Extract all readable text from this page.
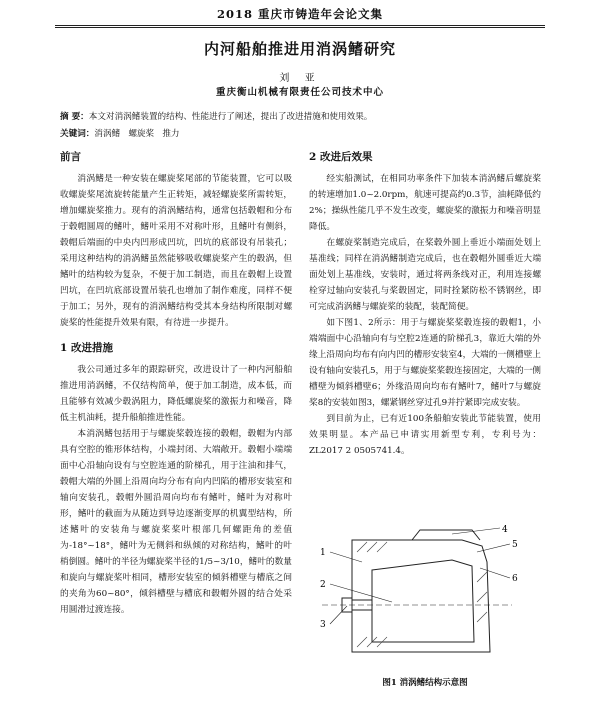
2018 重庆市铸造年会论文集
内河船舶推进用消涡鳍研究
刘 亚
重庆衡山机械有限责任公司技术中心
摘 要：本文对消涡鳍装置的结构、性能进行了阐述，提出了改进措施和使用效果。
关键词：消涡鳍   螺旋桨   推力
前言

消涡鳍是一种安装在螺旋桨尾部的节能装置，它可以吸收螺旋桨尾流旋转能量产生正转矩，减轻螺旋桨所需转矩，增加螺旋桨推力。现有的消涡鳍结构，通常包括毂帽和分布于毂帽圆周的鳍叶，鳍叶采用不对称叶形，且鳍叶有侧斜，毂帽后端面的中央内凹形成凹坑，凹坑的底部设有吊装孔；采用这种结构的消涡鳍虽然能够吸收螺旋桨产生的毂涡，但鳍叶的结构较为复杂，不便于加工制造，而且在毂帽上设置凹坑，在凹坑底部设置吊装孔也增加了制作难度，同样不便于加工；另外，现有的消涡鳍结构受其本身结构所限制对螺旋桨的性能提升效果有限，有待进一步提升。

1 改进措施

我公司通过多年的跟踪研究，改进设计了一种内河船舶推进用消涡鳍，不仅结构简单，便于加工制造，成本低，而且能够有效减少毂涡阻力，降低螺旋桨的激振力和噪音，降低主机油耗，提升船舶推进性能。

本消涡鳍包括用于与螺旋桨毂连接的毂帽，毂帽为内部具有空腔的锥形体结构，小端封闭、大端敞开。毂帽小端端面中心沿轴向设有与空腔连通的阶梯孔，用于注油和排气，毂帽大端的外圆上沿周向均分布有向内凹陷的槽形安装室和轴向安装孔，毂帽外圆沿周向均布有鳍叶，鳍叶为对称叶形，鳍叶的截面为从随边到导边逐渐变厚的机翼型结构，所述鳍叶的安装角与螺旋桨桨叶根部几何螺距角的差值为-18°~18°，鳍叶为无侧斜和纵倾的对称结构，鳍叶的叶梢倒圆。鳍叶的半径为螺旋桨半径的1/5~3/10，鳍叶的数量和旋向与螺旋桨叶相同，槽形安装室的倾斜槽壁与槽底之间的夹角为60~80°，倾斜槽壁与槽底和毂帽外圆的结合处采用圆滑过渡连接。

2 改进后效果

经实船测试，在相同功率条件下加装本消涡鳍后螺旋桨的转速增加1.0~2.0rpm，航速可提高约0.3节，油耗降低约2%；操纵性能几乎不发生改变，螺旋桨的激振力和噪音明显降低。

在螺旋桨制造完成后，在桨毂外圆上垂近小端面处划上基准线；同样在消涡鳍制造完成后，也在毂帽外圆垂近大端面处划上基准线，安装时，通过将两条线对正，利用连接螺栓穿过轴向安装孔与桨毂固定，同时拴紧防松不锈钢丝，即可完成消涡鳍与螺旋桨的装配，装配简便。

如下图1、2所示：用于与螺旋桨桨毂连接的毂帽1，小端端面中心沿轴向有与空腔2连通的阶梯孔3，靠近大端的外缘上沿周向均布有向内凹的槽形安装室4，大端的一侧槽壁上设有轴向安装孔5，用于与螺旋桨桨毂连接固定，大端的一侧槽壁为倾斜槽壁6；外缘沿周向均布有鳍叶7，鳍叶7与螺旋桨8的安装如图3，螺紧钢丝穿过孔9并拧紧即完成安装。

到目前为止，已有近100条船舶安装此节能装置，使用效果明显。本产品已申请实用新型专利，专利号为：ZL2017 2 0505741.4。

1
2
3
4
5
6
图1 消涡鳍结构示意图
